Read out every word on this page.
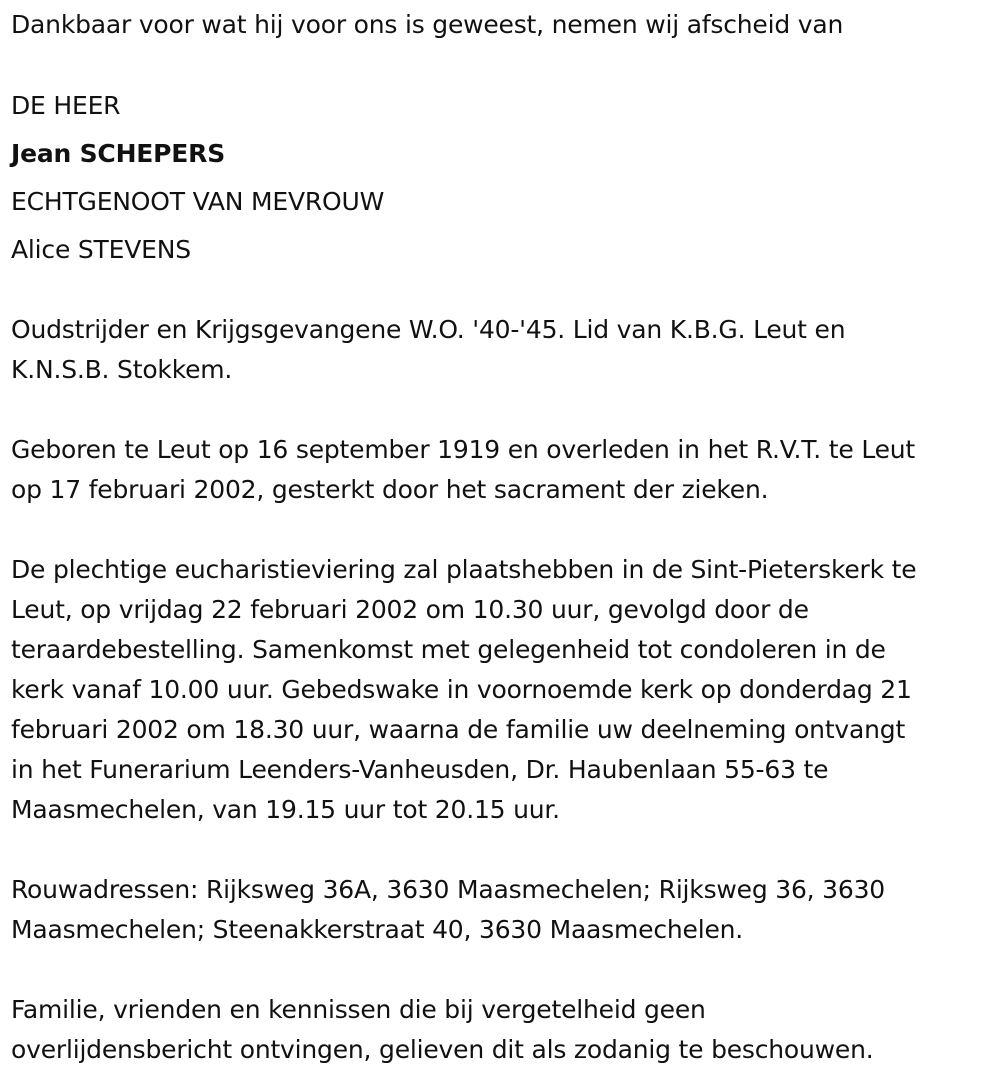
Dankbaar voor wat hij voor ons is geweest, nemen wij afscheid van

DE HEER

Jean SCHEPERS

ECHTGENOOT VAN MEVROUW

Alice STEVENS

Oudstrijder en Krijgsgevangene W.O. '40-'45. Lid van K.B.G. Leut en
K.N.S.B. Stokkem.
Geboren te Leut op 16 september 1919 en overleden in het R.V.T. te Leut
op 17 februari 2002, gesterkt door het sacrament der zieken.
De plechtige eucharistieviering zal plaatshebben in de Sint-Pieterskerk te
Leut, op vrijdag 22 februari 2002 om 10.30 uur, gevolgd door de
teraardebestelling. Samenkomst met gelegenheid tot condoleren in de
kerk vanaf 10.00 uur. Gebedswake in voornoemde kerk op donderdag 21
februari 2002 om 18.30 uur, waarna de familie uw deelneming ontvangt
in het Funerarium Leenders-Vanheusden, Dr. Haubenlaan 55-63 te
Maasmechelen, van 19.15 uur tot 20.15 uur.
Rouwadressen: Rijksweg 36A, 3630 Maasmechelen; Rijksweg 36, 3630
Maasmechelen; Steenakkerstraat 40, 3630 Maasmechelen.
Familie, vrienden en kennissen die bij vergetelheid geen
overlijdensbericht ontvingen, gelieven dit als zodanig te beschouwen.
